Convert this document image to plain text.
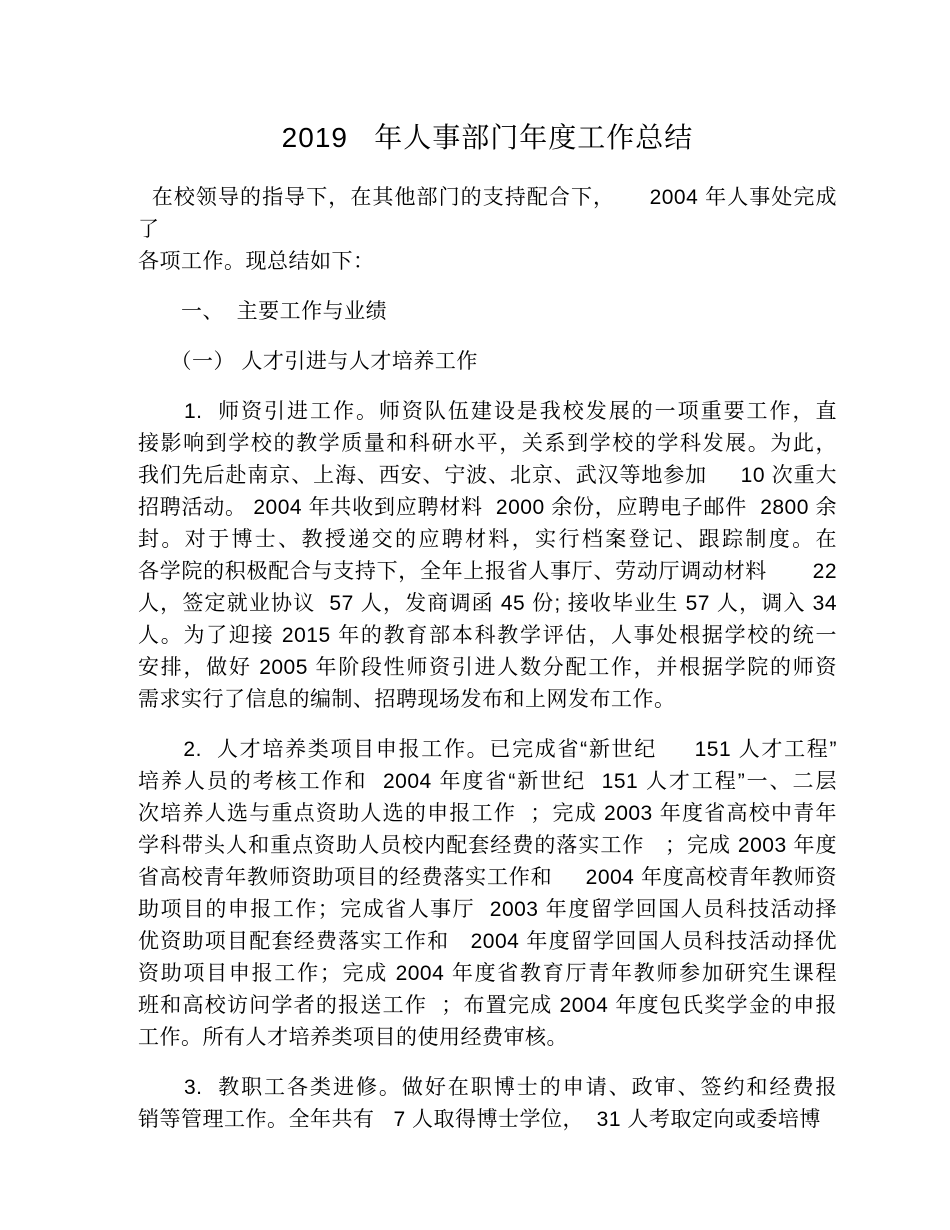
2019   年人事部门年度工作总结
在校领导的指导下，在其他部门的支持配合下，     2004 年人事处完成了
各项工作。现总结如下：
　　一、  主要工作与业绩
　　（一） 人才引进与人才培养工作
　　1.  师资引进工作。师资队伍建设是我校发展的一项重要工作，直
接影响到学校的教学质量和科研水平，关系到学校的学科发展。为此，
我们先后赴南京、上海、西安、宁波、北京、武汉等地参加     10 次重大
招聘活动。 2004 年共收到应聘材料  2000 余份，应聘电子邮件  2800 余
封。对于博士、教授递交的应聘材料，实行档案登记、跟踪制度。在
各学院的积极配合与支持下，全年上报省人事厅、劳动厅调动材料       22
人，签定就业协议  57 人，发商调函 45 份; 接收毕业生 57 人，调入 34
人。为了迎接 2015 年的教育部本科教学评估，人事处根据学校的统一
安排，做好 2005 年阶段性师资引进人数分配工作，并根据学院的师资
需求实行了信息的编制、招聘现场发布和上网发布工作。
　　2.  人才培养类项目申报工作。已完成省“新世纪     151 人才工程”
培养人员的考核工作和  2004 年度省“新世纪  151 人才工程”一、二层
次培养人选与重点资助人选的申报工作  ；完成 2003 年度省高校中青年
学科带头人和重点资助人员校内配套经费的落实工作   ；完成 2003 年度
省高校青年教师资助项目的经费落实工作和     2004 年度高校青年教师资
助项目的申报工作；完成省人事厅  2003 年度留学回国人员科技活动择
优资助项目配套经费落实工作和   2004 年度留学回国人员科技活动择优
资助项目申报工作；完成 2004 年度省教育厅青年教师参加研究生课程
班和高校访问学者的报送工作  ；布置完成 2004 年度包氏奖学金的申报
工作。所有人才培养类项目的使用经费审核。
　　3.  教职工各类进修。做好在职博士的申请、政审、签约和经费报
销等管理工作。全年共有   7 人取得博士学位，  31 人考取定向或委培博
